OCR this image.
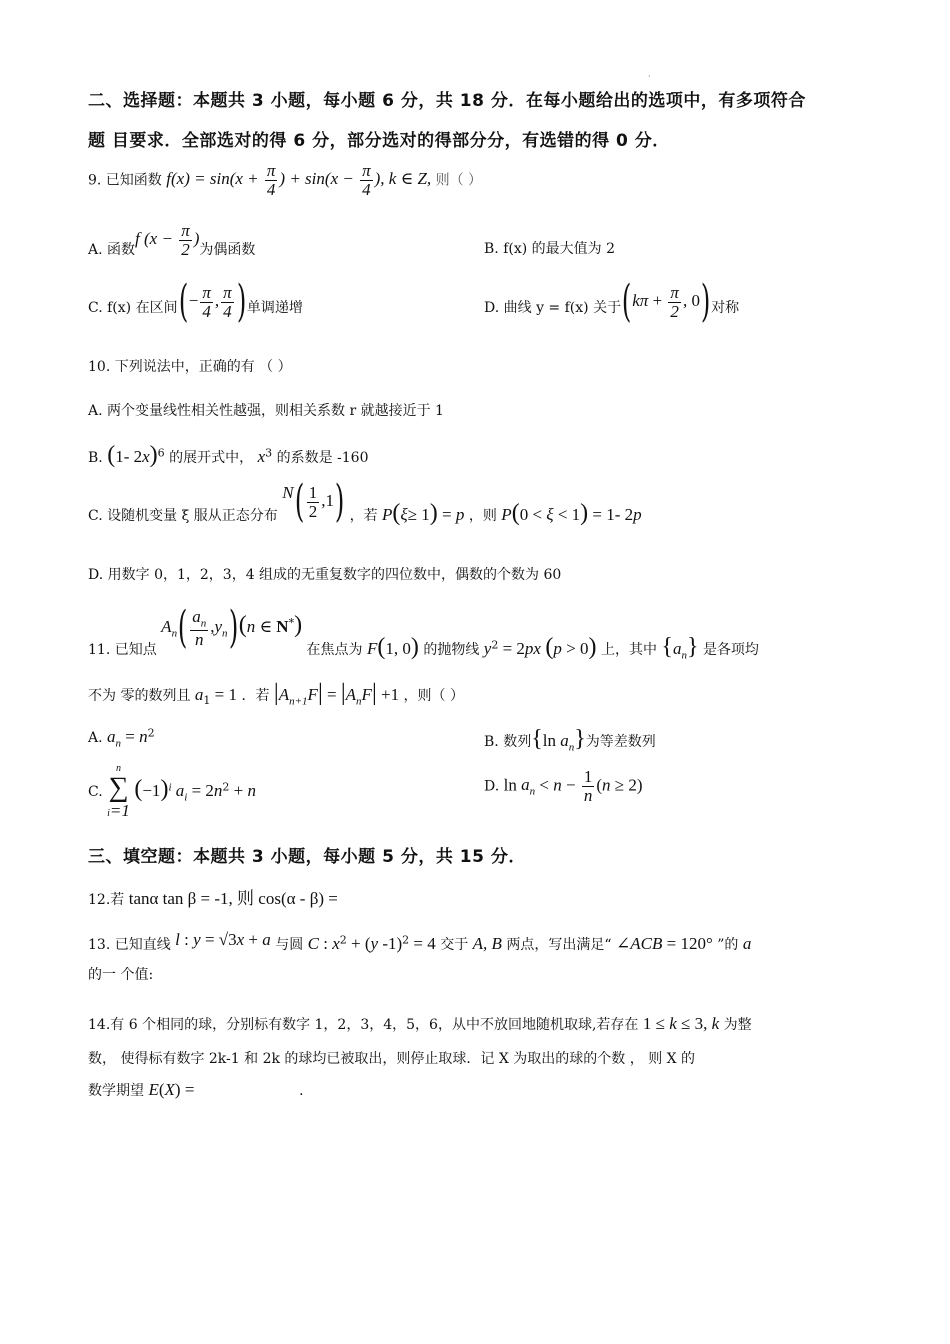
·
二、选择题：本题共 3 小题，每小题 6 分，共 18 分．在每小题给出的选项中，有多项符合
题 目要求．全部选对的得 6 分，部分选对的得部分分，有选错的得 0 分．
9. 已知函数 $f(x) = \sin(x + \frac{\pi}{4}$ ) + $\sin(x - \frac{\pi}{4}$ ), k ∈ Z, 则（ ）
A. 函数f ($x - \frac{\pi}{2}$ )为偶函数	B. f(x) 的最大值为 2
C. f(x) 在区间(− $\frac{\pi}{4}$ , $\frac{\pi}{4}$ )单调递增	D. 曲线 y = f(x) 关于($k\pi + \frac{\pi}{2}$ , 0)对称
10. 下列说法中，正确的有 （ ）
A. 两个变量线性相关性越强，则相关系数 r 就越接近于 1
B. (1- 2x)$^6$ 的展开式中， $x^3$ 的系数是 -160
C. 设随机变量 ξ 服从正态分布 $N( \frac{1}{2} ,1)$ ，若 P(ξ≥ 1) = p ，则 P(0 < ξ < 1) = 1- 2p
D. 用数字 0，1，2，3，4 组成的无重复数字的四位数中，偶数的个数为 60
11. 已知点 $A_n( \frac{a_n}{n} ,y_n)(n$ ∈ N*) 在焦点为 F(1, 0) 的抛物线 $y^2 = 2px$ (p > 0) 上，其中 $\{a_n\}$ 是各项均
不为 零的数列且 $a_1 = 1$ ．若 $|A_{n+1}F| = |A_nF| +1$ ，则（ ）
A. $a_n = n^2$
B. 数列{ln $a_n$}为等差数列
C.
n
∑
i=1
$(-1)^i$ $a_i = 2n^2 + n$	D. $\ln a_n < n - \frac{1}{n} (n \ge 2)$
三、填空题：本题共 3 小题，每小题 5 分，共 15 分．
12.若 tanα tan β = -1, 则 cos(α - β) =
13. 已知直线 l : y = √3x + a 与圆 C : $x^2 + (y$ -1)$^2$ = 4 交于 A, B 两点，写出满足“ ∠ACB = 120° ”的 a
的一 个值:
14.有 6 个相同的球，分别标有数字 1，2，3，4，5，6，从中不放回地随机取球,若存在 1 ≤ k ≤ 3, k 为整
数， 使得标有数字 2k-1 和 2k 的球均已被取出，则停止取球．记 X 为取出的球的个数 ， 则 X 的
数学期望 E(X) =	．
